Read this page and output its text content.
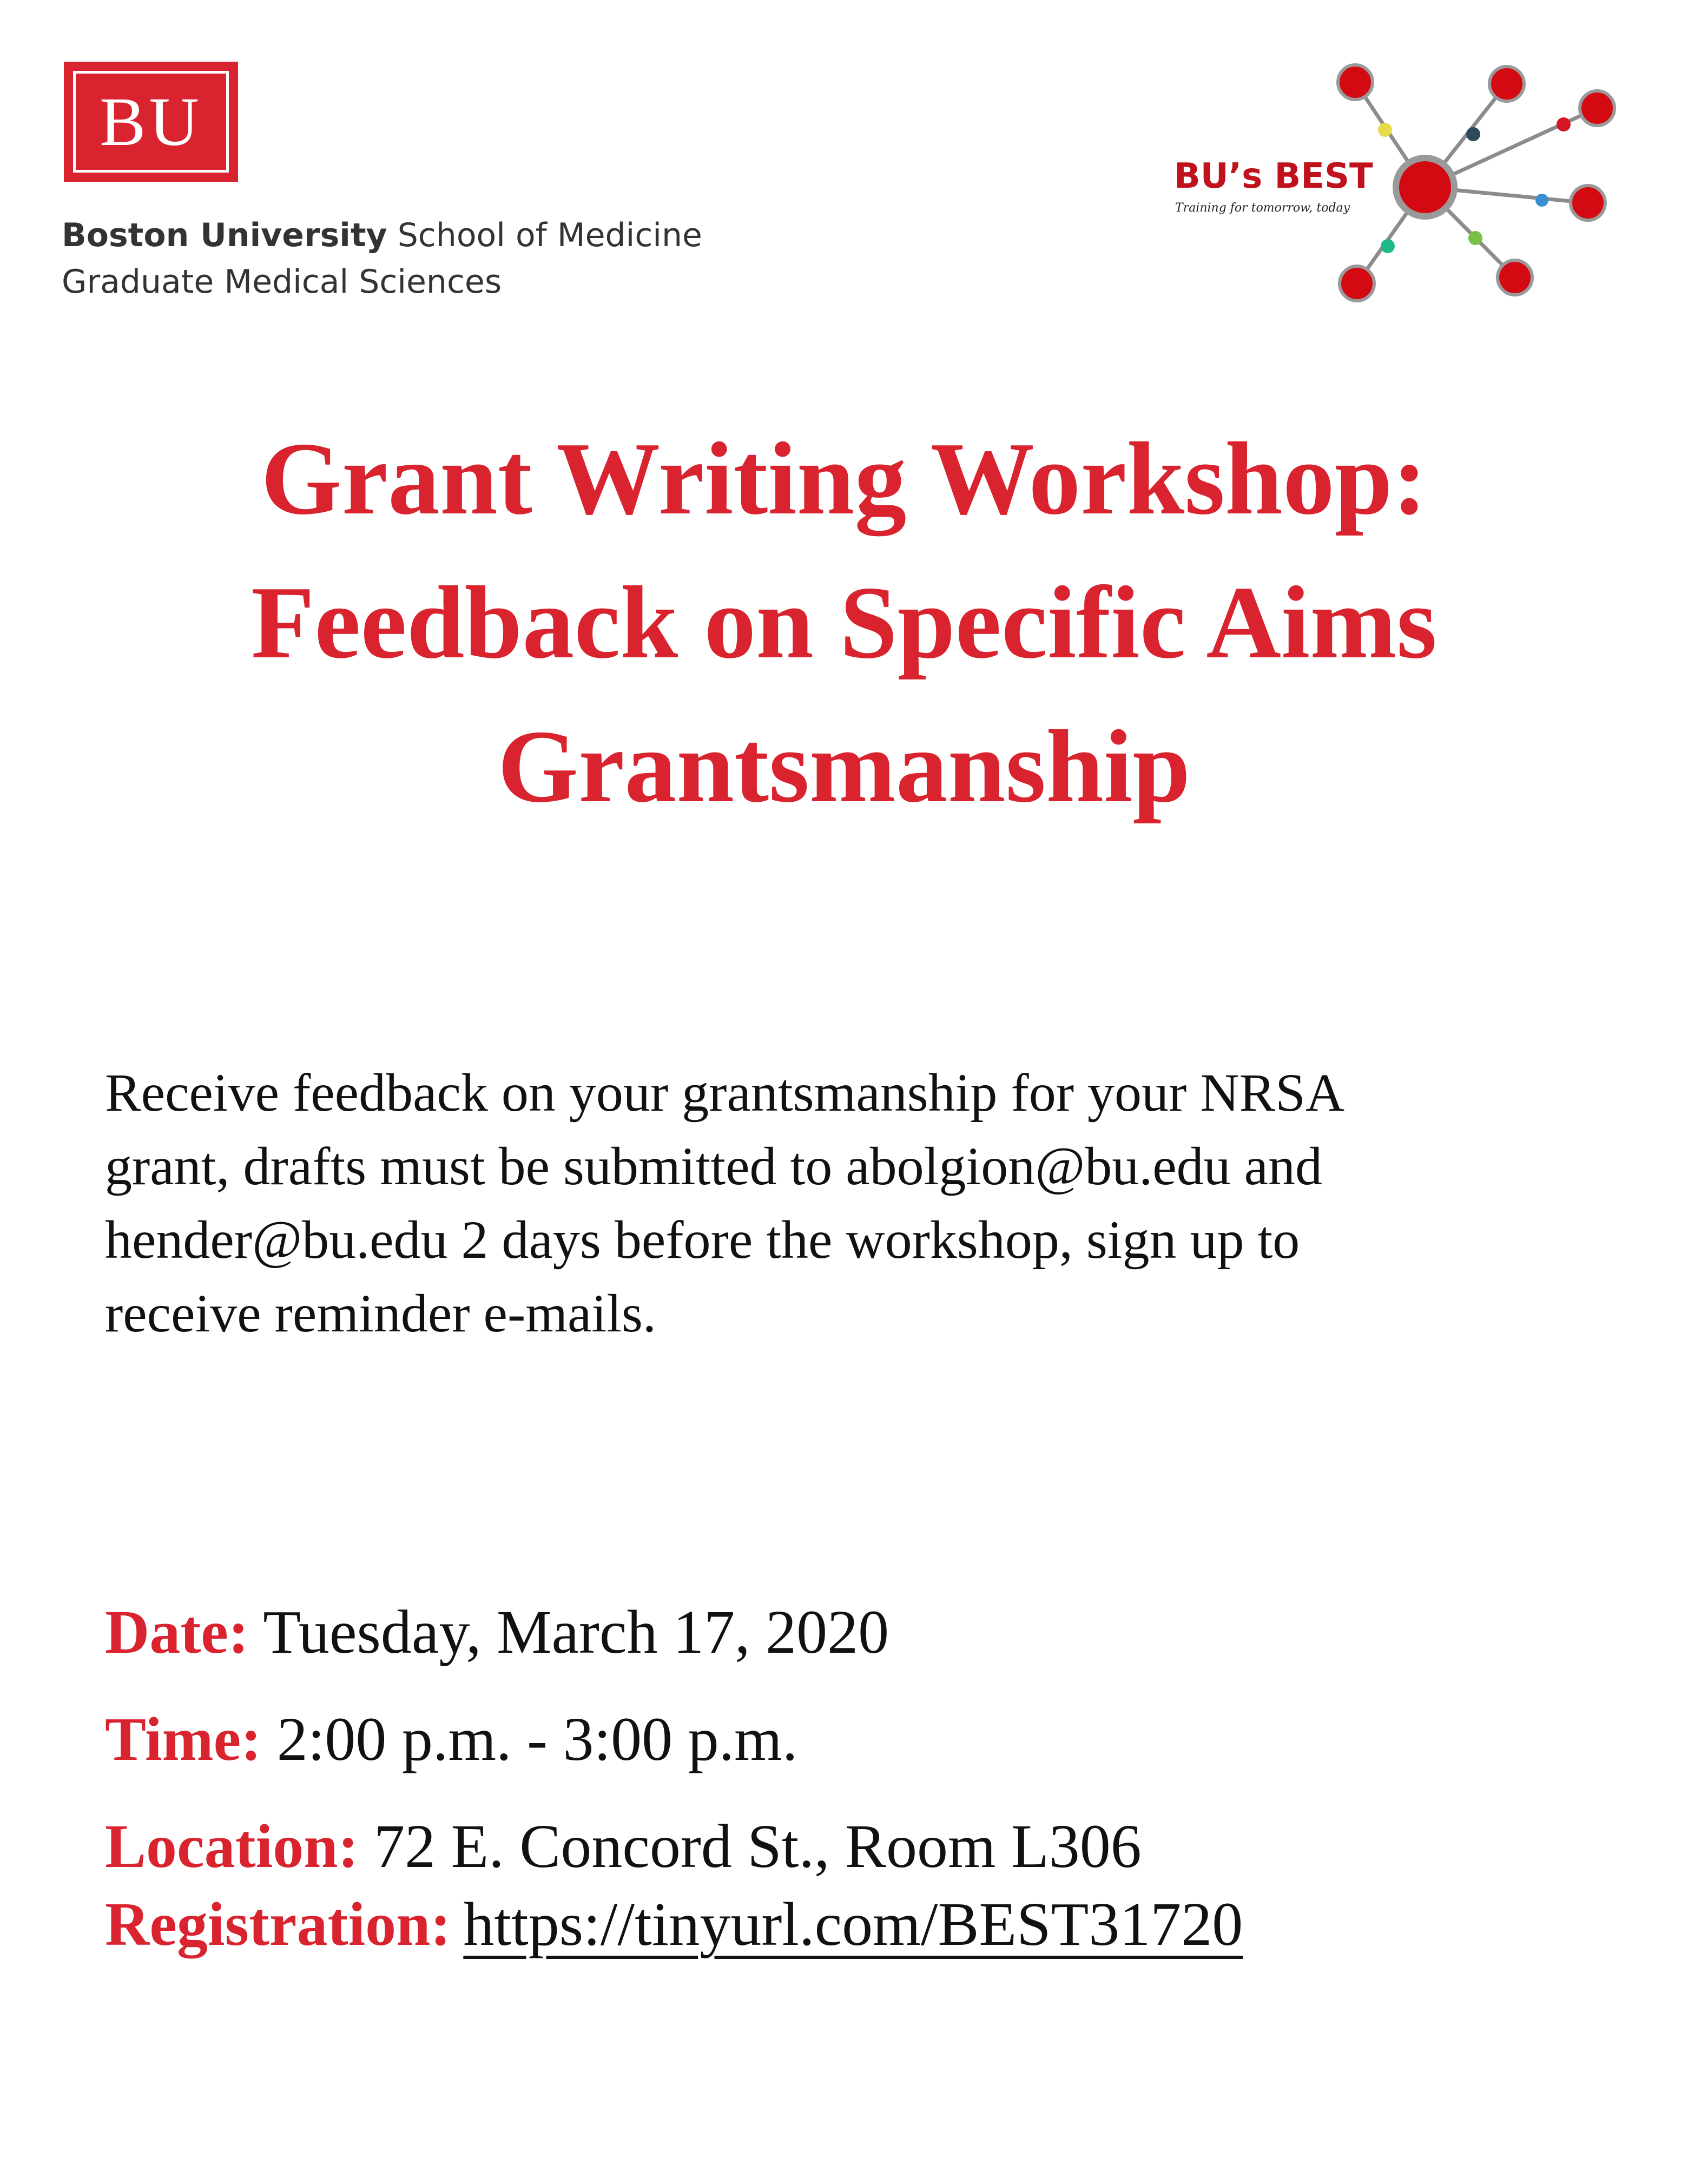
BU
Boston University School of Medicine
Graduate Medical Sciences
BU’s BEST
Training for tomorrow, today
Grant Writing Workshop:
Feedback on Specific Aims
Grantsmanship
Receive feedback on your grantsmanship for your NRSA
grant, drafts must be submitted to abolgion@bu.edu and
hender@bu.edu 2 days before the workshop, sign up to
receive reminder e-mails.
Date: Tuesday, March 17, 2020
Time: 2:00 p.m. - 3:00 p.m.
Location: 72 E. Concord St., Room L306
Registration:  https://tinyurl.com/BEST31720
